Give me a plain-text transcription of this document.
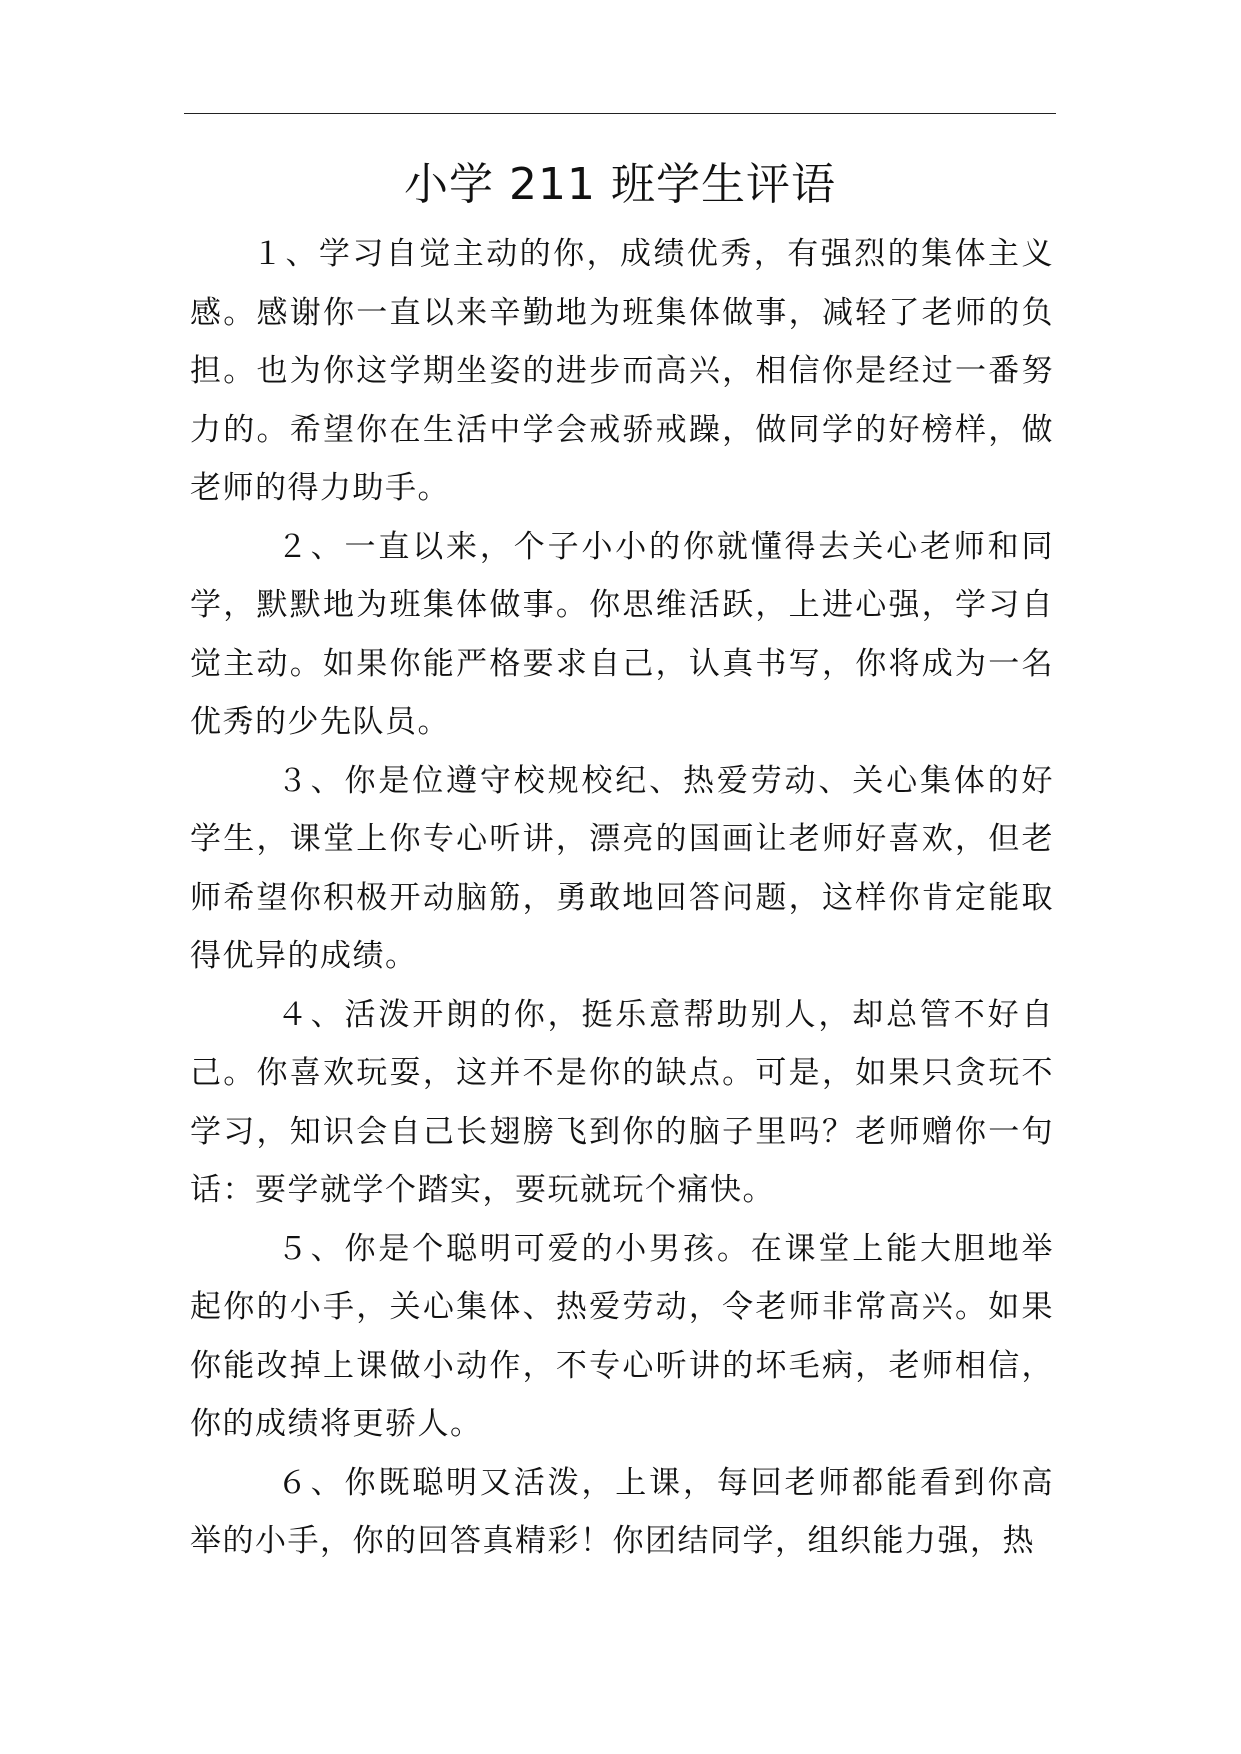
小学 211 班学生评语

１、学习自觉主动的你，成绩优秀，有强烈的集体主义感。感谢你一直以来辛勤地为班集体做事，减轻了老师的负担。也为你这学期坐姿的进步而高兴，相信你是经过一番努力的。希望你在生活中学会戒骄戒躁，做同学的好榜样，做老师的得力助手。

２、一直以来，个子小小的你就懂得去关心老师和同学，默默地为班集体做事。你思维活跃，上进心强，学习自觉主动。如果你能严格要求自己，认真书写，你将成为一名优秀的少先队员。

３、你是位遵守校规校纪、热爱劳动、关心集体的好学生，课堂上你专心听讲，漂亮的国画让老师好喜欢，但老师希望你积极开动脑筋，勇敢地回答问题，这样你肯定能取得优异的成绩。

４、活泼开朗的你，挺乐意帮助别人，却总管不好自己。你喜欢玩耍，这并不是你的缺点。可是，如果只贪玩不学习，知识会自己长翅膀飞到你的脑子里吗？老师赠你一句话：要学就学个踏实，要玩就玩个痛快。

５、你是个聪明可爱的小男孩。在课堂上能大胆地举起你的小手，关心集体、热爱劳动，令老师非常高兴。如果你能改掉上课做小动作，不专心听讲的坏毛病，老师相信，你的成绩将更骄人。

６、你既聪明又活泼，上课，每回老师都能看到你高举的小手，你的回答真精彩！你团结同学，组织能力强，热
